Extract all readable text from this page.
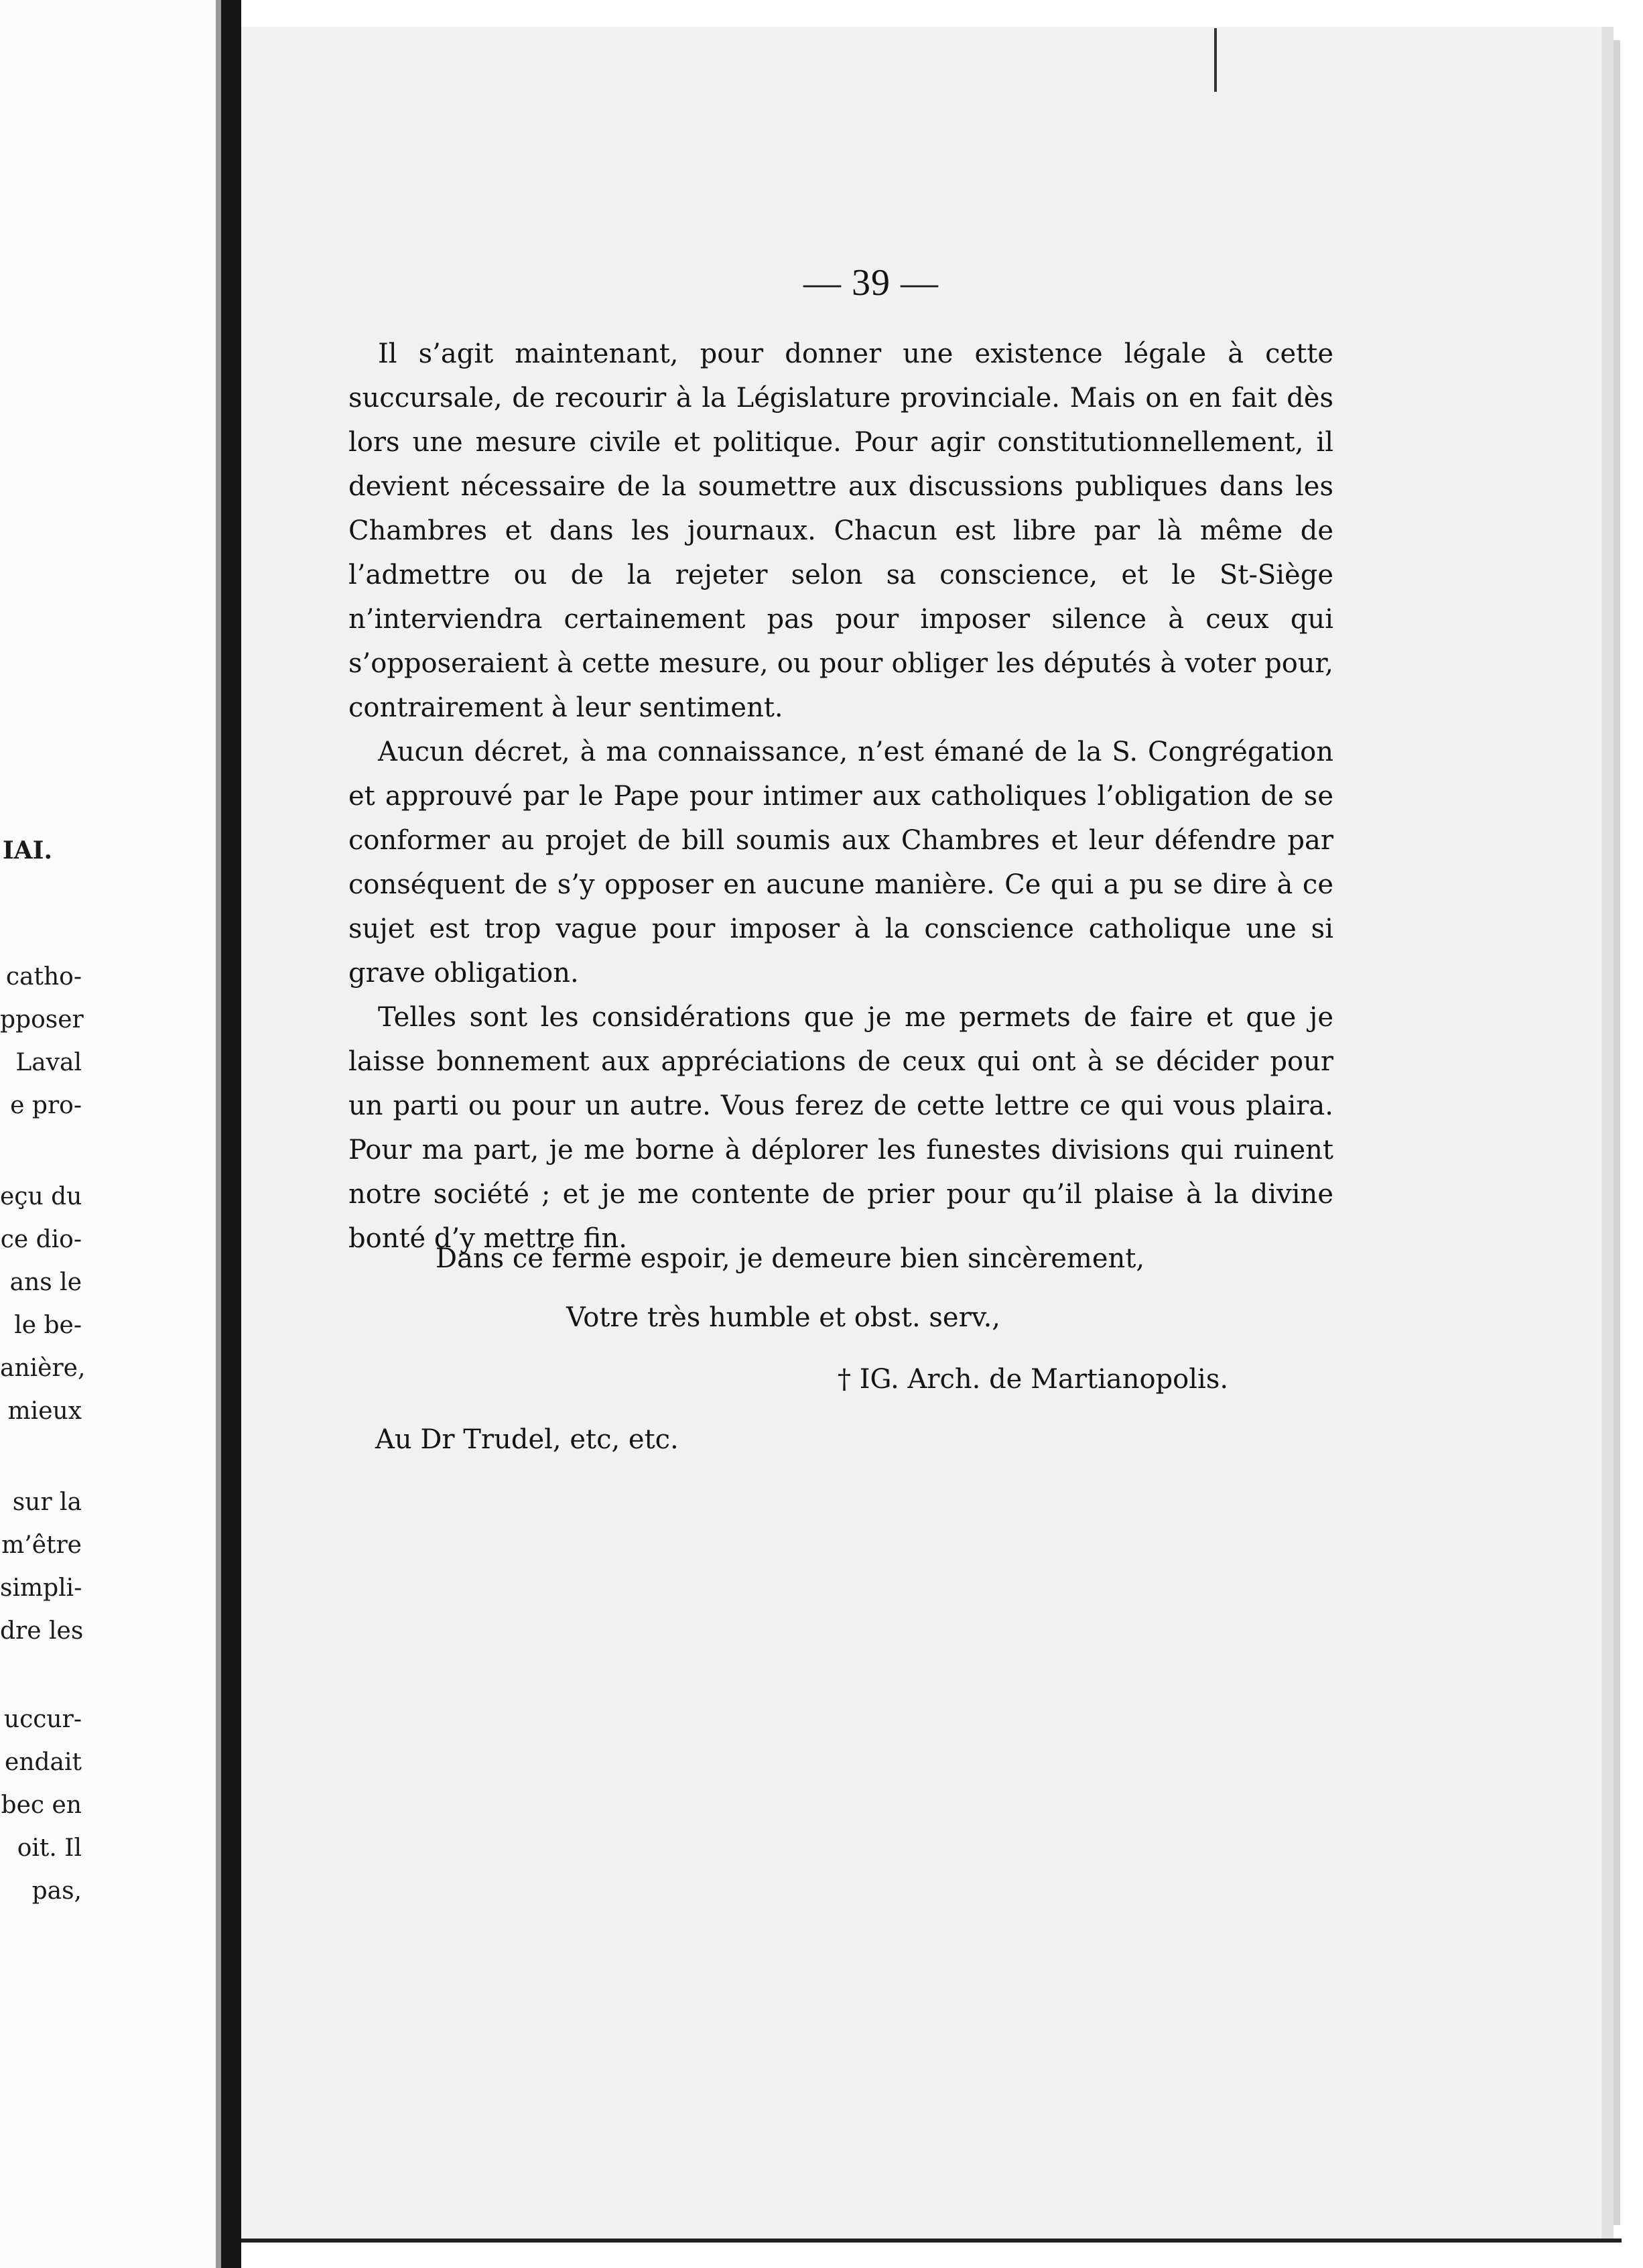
IAI.
catho-
pposer
Laval
e pro-
eçu du
ce dio-
ans le
le be-
anière,
mieux
sur la
m’être
simpli-
dre les
uccur-
endait
bec en
oit. Il
pas,
— 39 —

Il s’agit maintenant, pour donner une existence légale à cette succursale, de recourir à la Législature provinciale. Mais on en fait dès lors une mesure civile et politique. Pour agir constitutionnellement, il devient nécessaire de la soumettre aux discussions publiques dans les Chambres et dans les journaux. Chacun est libre par là même de l’admettre ou de la rejeter selon sa conscience, et le St-Siège n’interviendra certainement pas pour imposer silence à ceux qui s’opposeraient à cette mesure, ou pour obliger les députés à voter pour, contrairement à leur sentiment.

Aucun décret, à ma connaissance, n’est émané de la S. Congrégation et approuvé par le Pape pour intimer aux catholiques l’obligation de se conformer au projet de bill soumis aux Chambres et leur défendre par conséquent de s’y opposer en aucune manière. Ce qui a pu se dire à ce sujet est trop vague pour imposer à la conscience catholique une si grave obligation.

Telles sont les considérations que je me permets de faire et que je laisse bonnement aux appréciations de ceux qui ont à se décider pour un parti ou pour un autre. Vous ferez de cette lettre ce qui vous plaira. Pour ma part, je me borne à déplorer les funestes divisions qui ruinent notre société ; et je me contente de prier pour qu’il plaise à la divine bonté d’y mettre fin.

Dans ce ferme espoir, je demeure bien sincèrement,
Votre très humble et obst. serv.,
† IG. Arch. de Martianopolis.
Au Dr Trudel, etc, etc.
